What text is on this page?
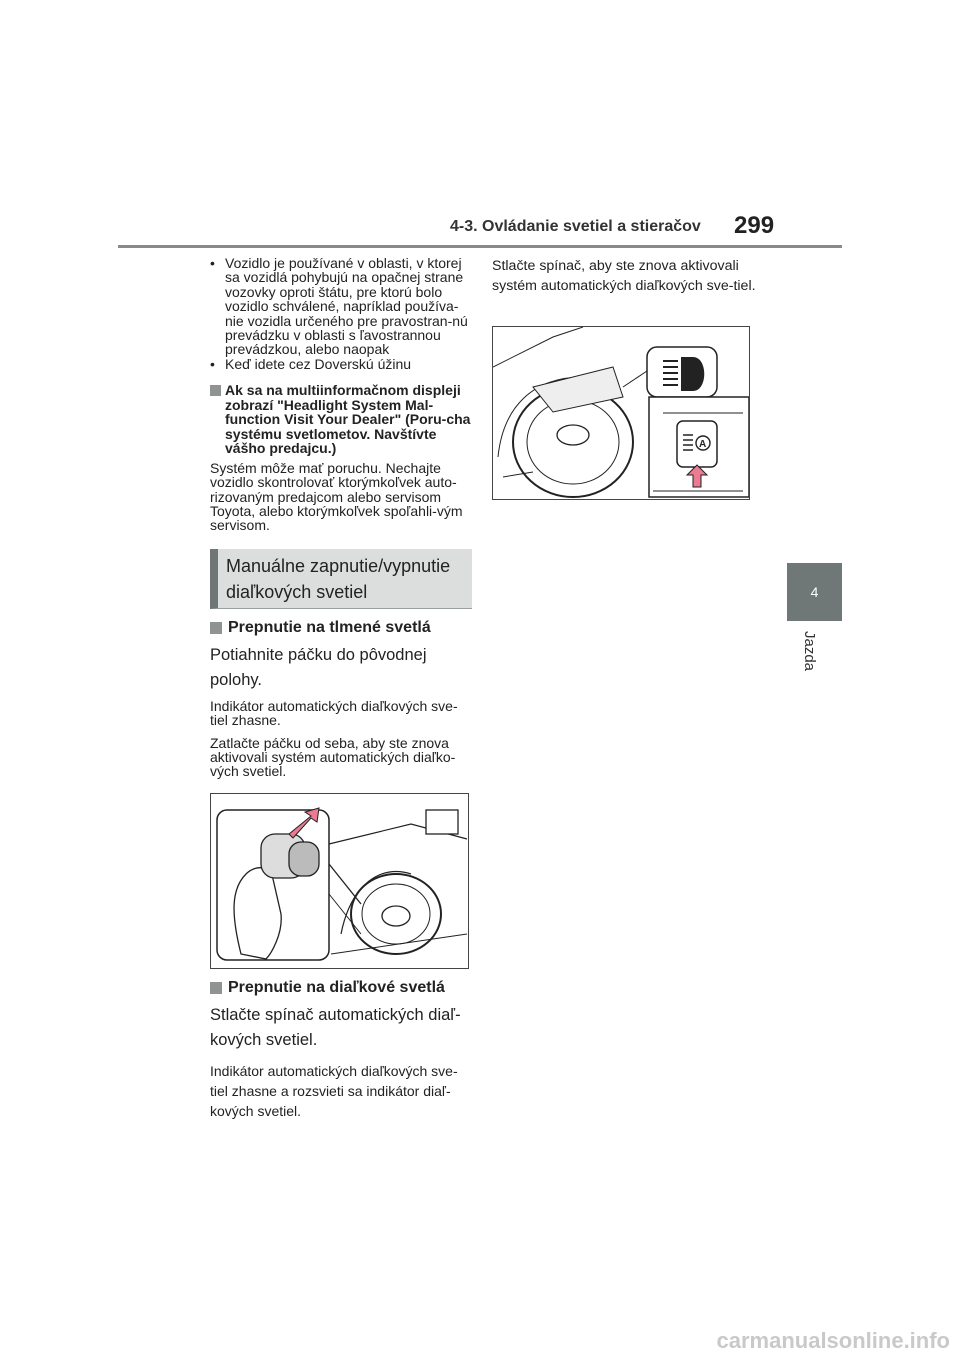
4-3. Ovládanie svetiel a stieračov 299
4
Jazda
• Vozidlo je používané v oblasti, v ktorej sa vozidlá pohybujú na opačnej strane vozovky oproti štátu, pre ktorú bolo vozidlo schválené, napríklad používa-nie vozidla určeného pre pravostran-nú prevádzku v oblasti s ľavostrannou prevádzkou, alebo naopak
• Keď idete cez Doverskú úžinu
Ak sa na multiinformačnom displeji zobrazí "Headlight System Mal-function Visit Your Dealer" (Poru-cha systému svetlometov. Navštívte vášho predajcu.)

Systém môže mať poruchu. Nechajte vozidlo skontrolovať ktorýmkoľvek auto-rizovaným predajcom alebo servisom Toyota, alebo ktorýmkoľvek spoľahli-vým servisom.

Manuálne zapnutie/vypnutie
diaľkových svetiel
Prepnutie na tlmené svetlá

Potiahnite páčku do pôvodnej polohy.

Indikátor automatických diaľkových sve-tiel zhasne.

Zatlačte páčku od seba, aby ste znova aktivovali systém automatických diaľko-vých svetiel.

Prepnutie na diaľkové svetlá

Stlačte spínač automatických diaľ-kových svetiel.

Indikátor automatických diaľkových sve-tiel zhasne a rozsvieti sa indikátor diaľ-kových svetiel.

Stlačte spínač, aby ste znova aktivovali systém automatických diaľkových sve-tiel.

A
carmanualsonline.info
